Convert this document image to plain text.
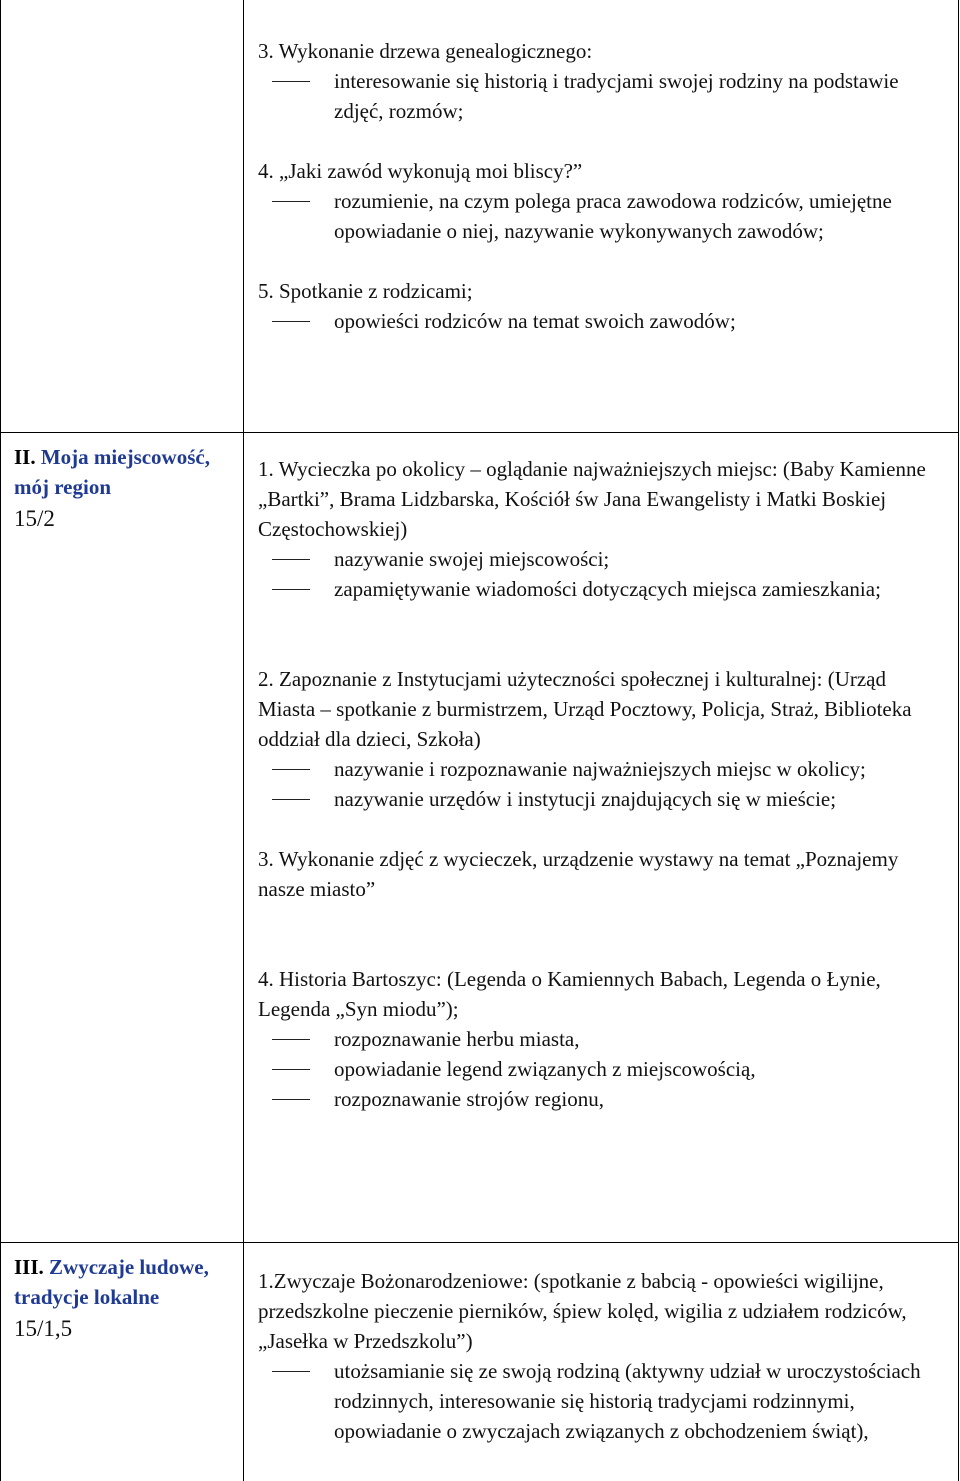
3. Wykonanie drzewa genealogicznego:
interesowanie się historią i tradycjami swojej rodziny na podstawie zdjęć, rozmów;
4. „Jaki zawód wykonują moi bliscy?”
rozumienie, na czym polega praca zawodowa rodziców, umiejętne opowiadanie o niej, nazywanie wykonywanych zawodów;
5. Spotkanie z rodzicami;
opowieści rodziców na temat swoich zawodów;
II. Moja miejscowość, mój region
15/2
1. Wycieczka po okolicy – oglądanie najważniejszych miejsc: (Baby Kamienne „Bartki”, Brama Lidzbarska, Kościół św Jana Ewangelisty i Matki Boskiej Częstochowskiej)
nazywanie swojej miejscowości;
zapamiętywanie wiadomości dotyczących miejsca zamieszkania;
2. Zapoznanie z Instytucjami użyteczności społecznej i kulturalnej: (Urząd Miasta – spotkanie z burmistrzem, Urząd Pocztowy, Policja, Straż, Biblioteka oddział dla dzieci, Szkoła)
nazywanie i rozpoznawanie najważniejszych miejsc w okolicy;
nazywanie urzędów i instytucji znajdujących się w mieście;
3. Wykonanie zdjęć z wycieczek, urządzenie wystawy na temat „Poznajemy nasze miasto”
4. Historia Bartoszyc: (Legenda o Kamiennych Babach, Legenda o Łynie, Legenda „Syn miodu”);
rozpoznawanie herbu miasta,
opowiadanie legend związanych z miejscowością,
rozpoznawanie strojów regionu,
III. Zwyczaje ludowe, tradycje lokalne
15/1,5
1.Zwyczaje Bożonarodzeniowe: (spotkanie z babcią - opowieści wigilijne, przedszkolne pieczenie pierników, śpiew kolęd, wigilia z udziałem rodziców, „Jasełka w Przedszkolu”)
utożsamianie się ze swoją rodziną (aktywny udział w uroczystościach rodzinnych, interesowanie się historią tradycjami rodzinnymi, opowiadanie o zwyczajach związanych z obchodzeniem świąt),
